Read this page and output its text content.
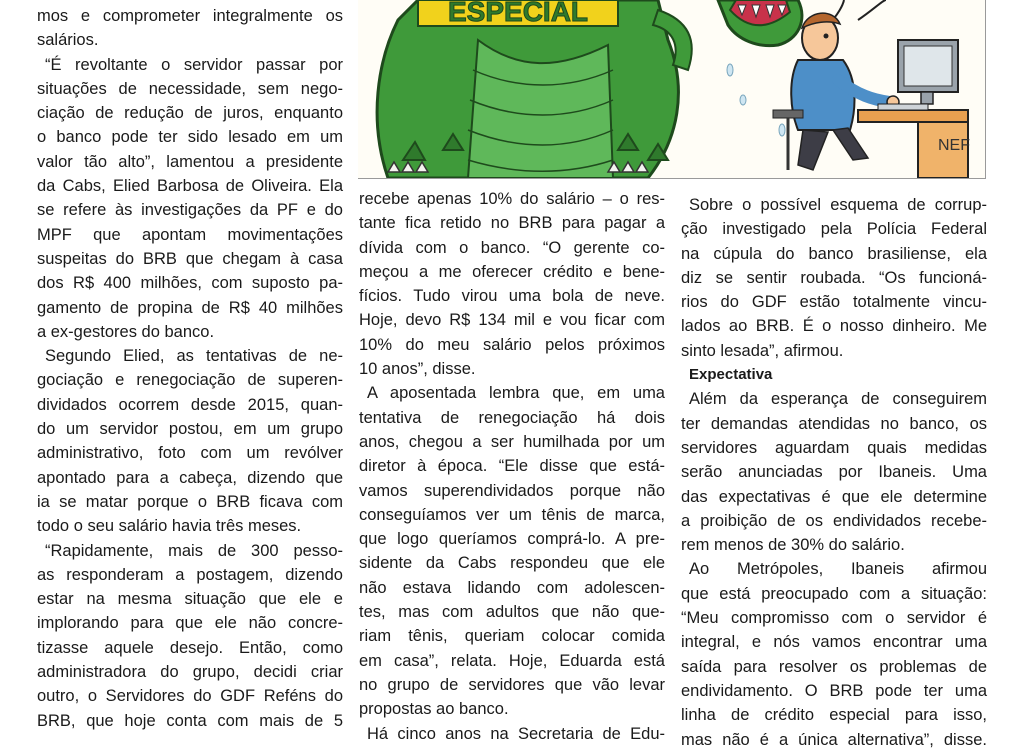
ESPECIAL
NEF
mos e comprometer integralmente os
salários.
“É revoltante o servidor passar por
situações de necessidade, sem nego-
ciação de redução de juros, enquanto
o banco pode ter sido lesado em um
valor tão alto”, lamentou a presidente
da Cabs, Elied Barbosa de Oliveira. Ela
se refere às investigações da PF e do
MPF que apontam movimentações
suspeitas do BRB que chegam à casa
dos R$ 400 milhões, com suposto pa-
gamento de propina de R$ 40 milhões
a ex-gestores do banco.
Segundo Elied, as tentativas de ne-
gociação e renegociação de superen-
dividados ocorrem desde 2015, quan-
do um servidor postou, em um grupo
administrativo, foto com um revólver
apontado para a cabeça, dizendo que
ia se matar porque o BRB ficava com
todo o seu salário havia três meses.
“Rapidamente, mais de 300 pesso-
as responderam a postagem, dizendo
estar na mesma situação que ele e
implorando para que ele não concre-
tizasse aquele desejo. Então, como
administradora do grupo, decidi criar
outro, o Servidores do GDF Reféns do
BRB, que hoje conta com mais de 5
recebe apenas 10% do salário – o res-
tante fica retido no BRB para pagar a
dívida com o banco. “O gerente co-
meçou a me oferecer crédito e bene-
fícios. Tudo virou uma bola de neve.
Hoje, devo R$ 134 mil e vou ficar com
10% do meu salário pelos próximos
10 anos”, disse.
A aposentada lembra que, em uma
tentativa de renegociação há dois
anos, chegou a ser humilhada por um
diretor à época. “Ele disse que está-
vamos superendividados porque não
conseguíamos ver um tênis de marca,
que logo queríamos comprá-lo. A pre-
sidente da Cabs respondeu que ele
não estava lidando com adolescen-
tes, mas com adultos que não que-
riam tênis, queriam colocar comida
em casa”, relata. Hoje, Eduarda está
no grupo de servidores que vão levar
propostas ao banco.
Há cinco anos na Secretaria de Edu-
Sobre o possível esquema de corrup-
ção investigado pela Polícia Federal
na cúpula do banco brasiliense, ela
diz se sentir roubada. “Os funcioná-
rios do GDF estão totalmente vincu-
lados ao BRB. É o nosso dinheiro. Me
sinto lesada”, afirmou.
Expectativa
Além da esperança de conseguirem
ter demandas atendidas no banco, os
servidores aguardam quais medidas
serão anunciadas por Ibaneis. Uma
das expectativas é que ele determine
a proibição de os endividados recebe-
rem menos de 30% do salário.
Ao Metrópoles, Ibaneis afirmou
que está preocupado com a situação:
“Meu compromisso com o servidor é
integral, e nós vamos encontrar uma
saída para resolver os problemas de
endividamento. O BRB pode ter uma
linha de crédito especial para isso,
mas não é a única alternativa”, disse.
